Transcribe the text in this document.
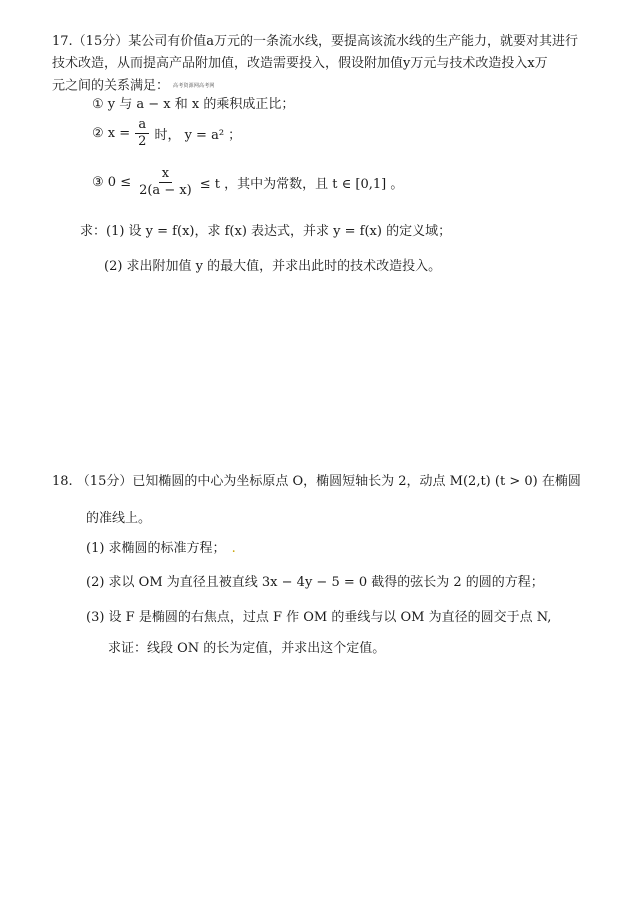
17.（15分）某公司有价值a万元的一条流水线，要提高该流水线的生产能力，就要对其进行
技术改造，从而提高产品附加值，改造需要投入，假设附加值y万元与技术改造投入x万
元之间的关系满足： 高考资源网高考网
① y 与 a − x 和 x 的乘积成正比；
② $x = \frac{a}{2}$ 时， y = a² ；
③ $0 \le \frac{x}{2(a - x)} \le t$ ，其中为常数，且 t ∈ [0,1] 。
求：(1) 设 y = f(x)，求 f(x) 表达式，并求 y = f(x) 的定义域；
(2) 求出附加值 y 的最大值，并求出此时的技术改造投入。
18. （15分）已知椭圆的中心为坐标原点 O，椭圆短轴长为 2，动点 M(2,t) (t > 0) 在椭圆
的准线上。
(1) 求椭圆的标准方程； .
(2) 求以 OM 为直径且被直线 3x − 4y − 5 = 0 截得的弦长为 2 的圆的方程；
(3) 设 F 是椭圆的右焦点，过点 F 作 OM 的垂线与以 OM 为直径的圆交于点 N,
求证：线段 ON 的长为定值，并求出这个定值。
